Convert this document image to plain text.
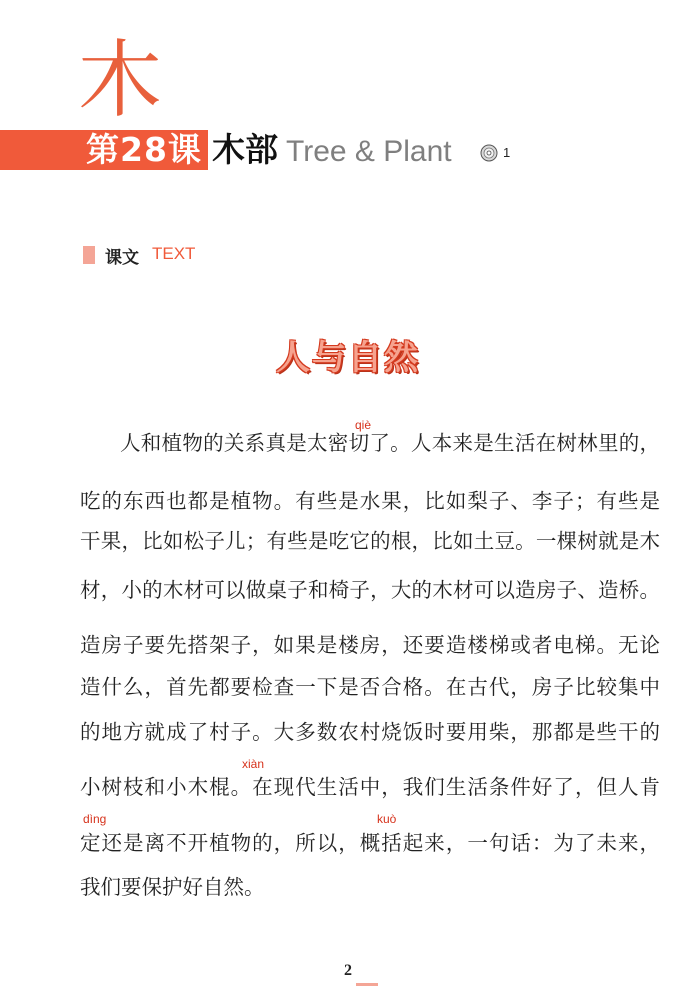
木
第28课 木部 Tree & Plant	1
课文 TEXT
人与自然
人和植物的关系真是太密切了。人本来是生活在树林里的，
吃的东西也都是植物。有些是水果，比如梨子、李子；有些是
干果，比如松子儿；有些是吃它的根，比如土豆。一棵树就是木
材，小的木材可以做桌子和椅子，大的木材可以造房子、造桥。
造房子要先搭架子，如果是楼房，还要造楼梯或者电梯。无论
造什么，首先都要检查一下是否合格。在古代，房子比较集中
的地方就成了村子。大多数农村烧饭时要用柴，那都是些干的
小树枝和小木棍。在现代生活中，我们生活条件好了，但人肯
定还是离不开植物的，所以，概括起来，一句话：为了未来，
我们要保护好自然。
qiè
xiàn
dìng	kuò
2
